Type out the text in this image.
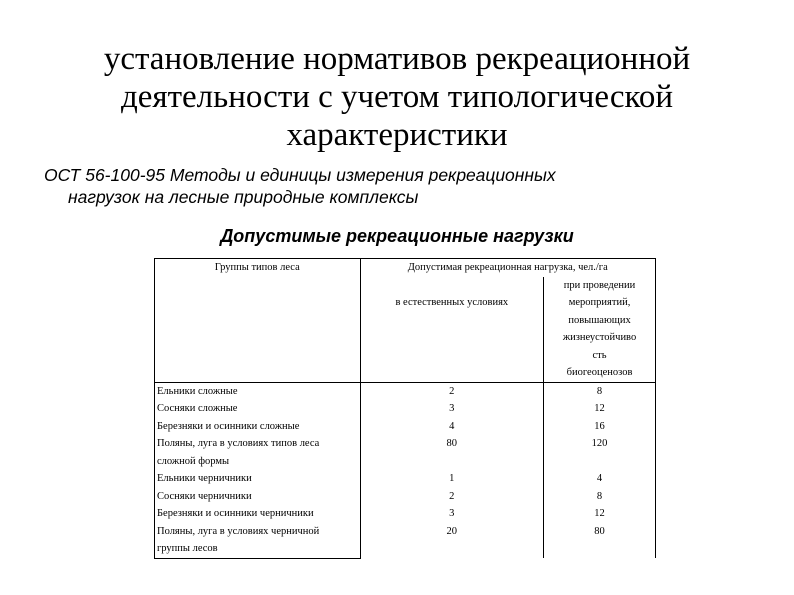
установление нормативов рекреационной
деятельности с учетом типологической
характеристики
ОСТ 56-100-95 Методы и единицы измерения рекреационных
нагрузок на лесные природные комплексы
Допустимые рекреационные нагрузки
Группы типов леса	Допустимая рекреационная нагрузка, чел./га	
	в естественных условиях	при проведении
		мероприятий,
		повышающих
		жизнеустойчиво
		сть
		биогеоценозов
Ельники сложные	2	8
Сосняки сложные	3	12
Березняки и осинники сложные	4	16
Поляны, луга в условиях типов леса	80	120
сложной формы		
Ельники черничники	1	4
Сосняки черничники	2	8
Березняки и осинники черничники	3	12
Поляны, луга в условиях черничной	20	80
группы лесов		
